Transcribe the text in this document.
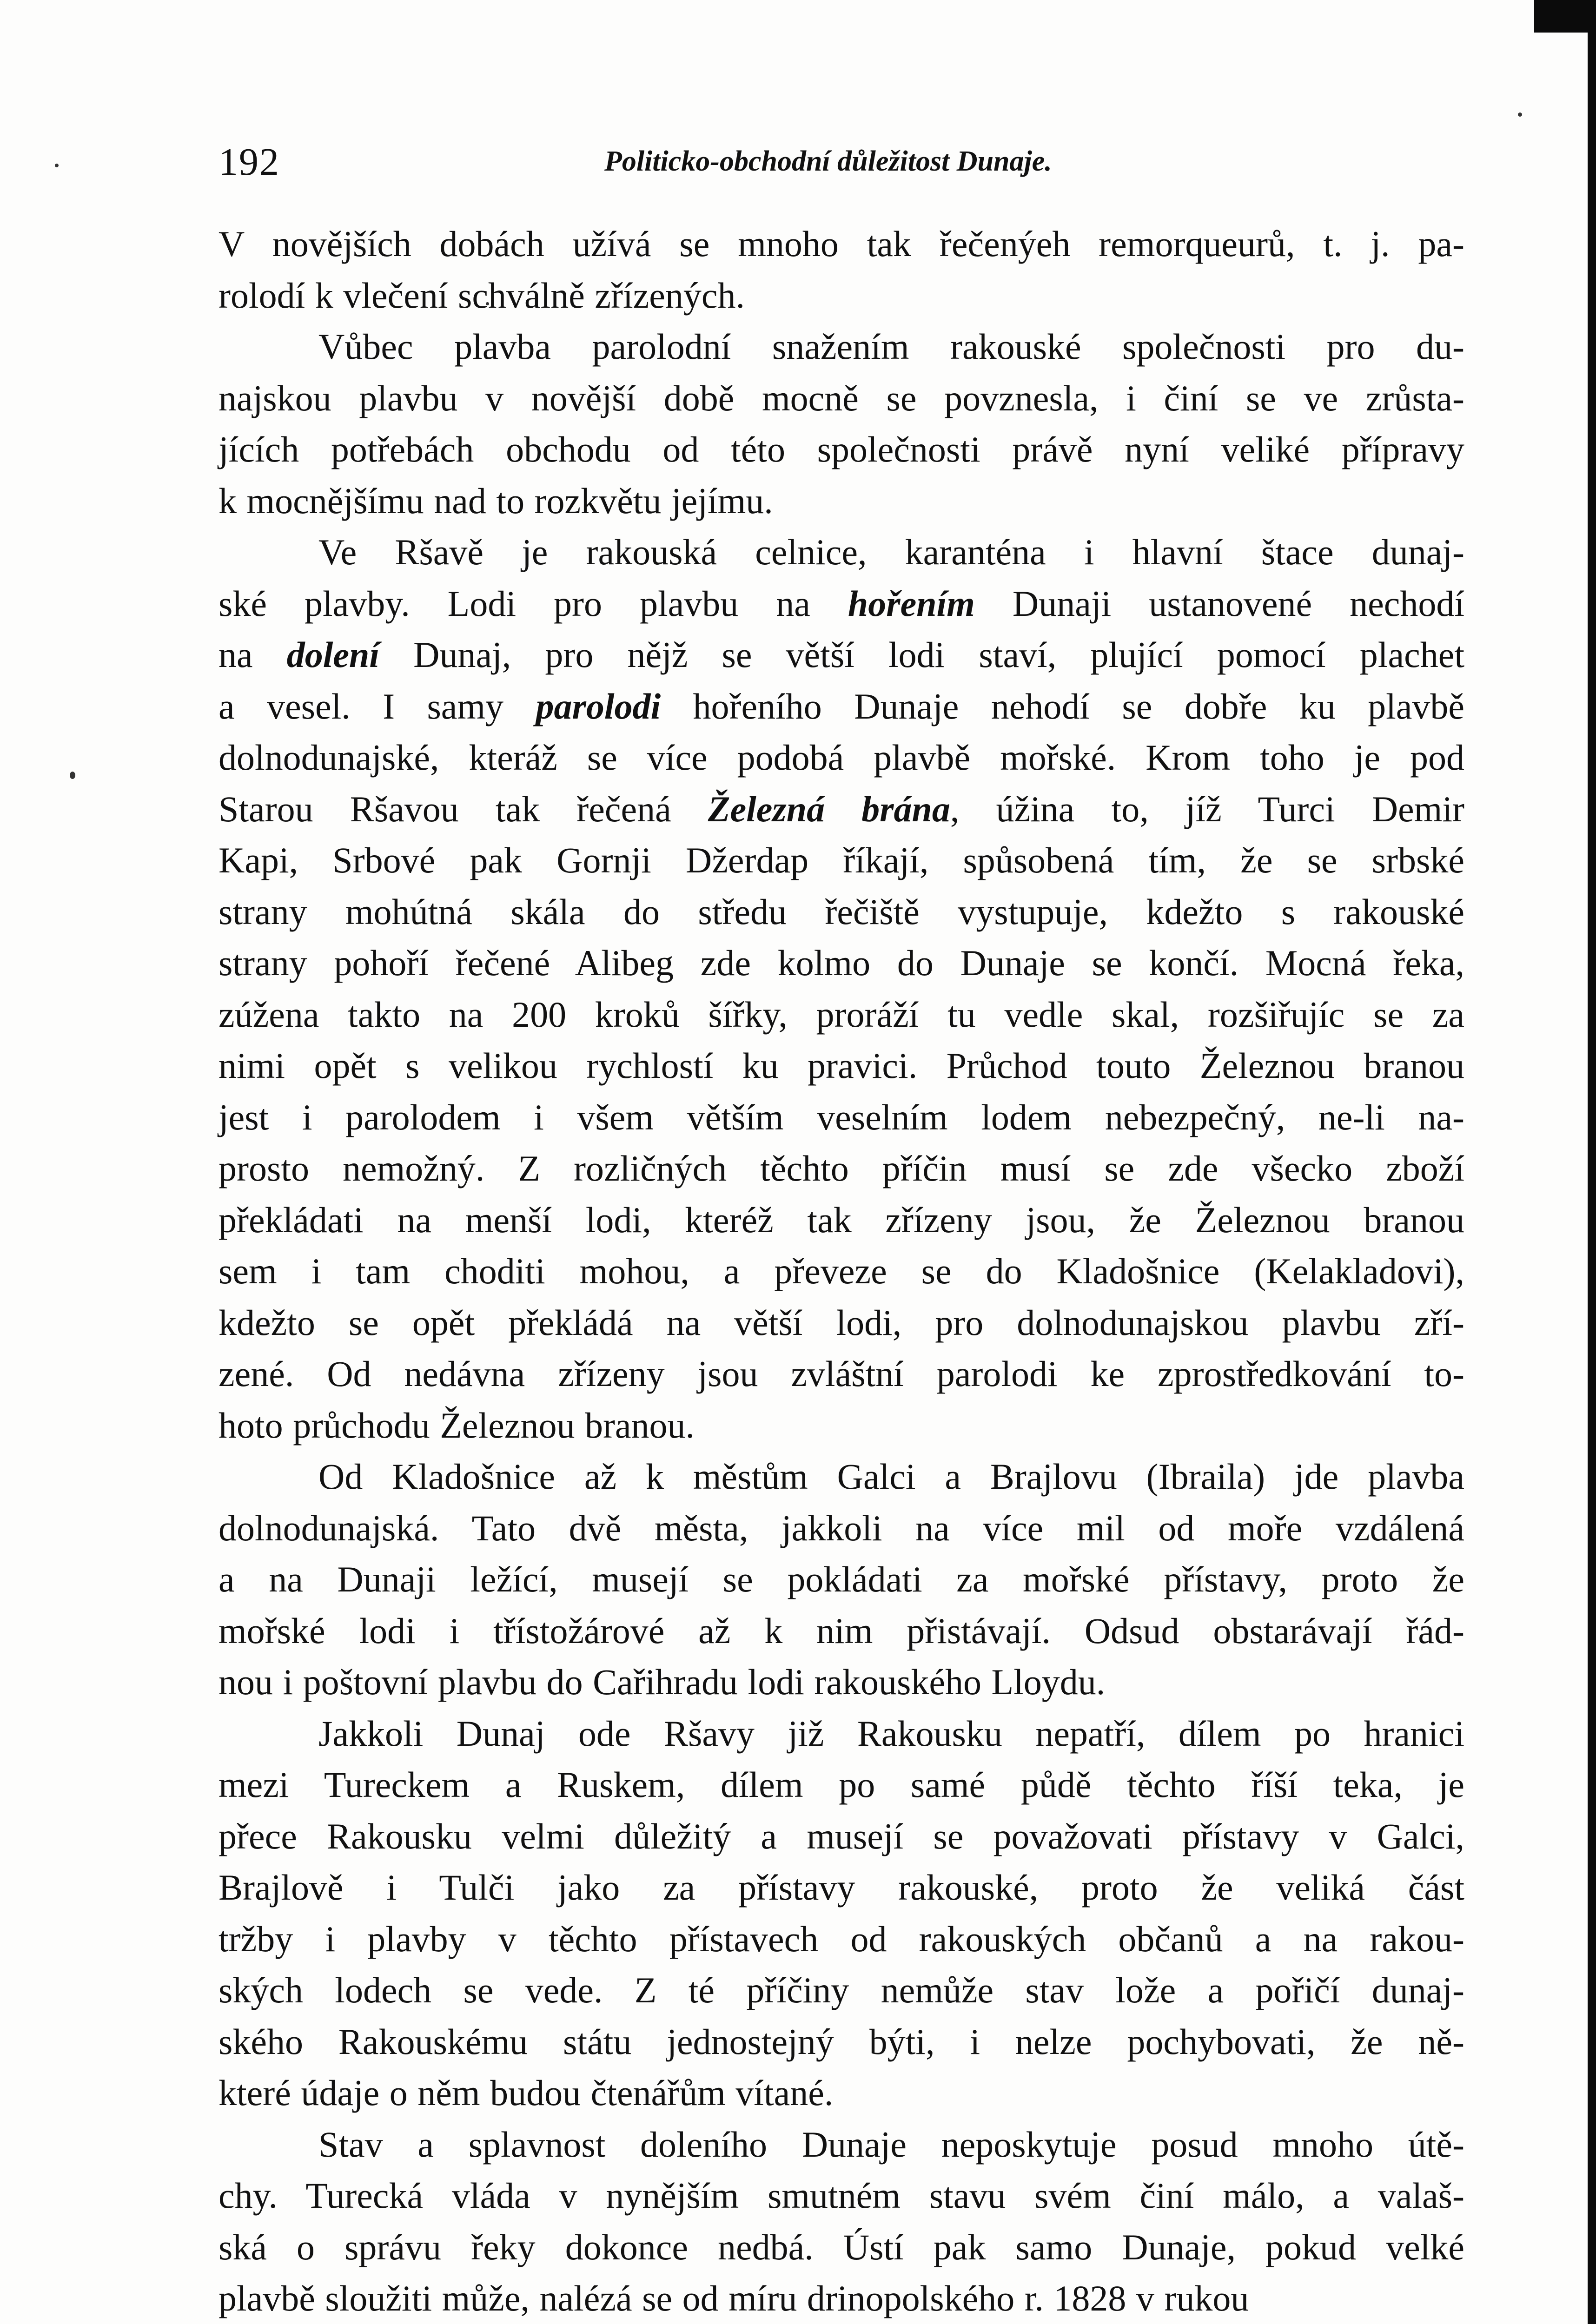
192	Politicko-obchodní důležitost Dunaje.
V novějších dobách užívá se mnoho tak řečenýeh remorqueurů, t. j. pa-
rolodí k vlečení schválně zřízených.
Vůbec plavba parolodní snažením rakouské společnosti pro du-
najskou plavbu v novější době mocně se povznesla, i činí se ve zrůsta-
jících potřebách obchodu od této společnosti právě nyní veliké přípravy
k mocnějšímu nad to rozkvětu jejímu.
Ve Ršavě je rakouská celnice, karanténa i hlavní štace dunaj-
ské plavby. Lodi pro plavbu na hořením Dunaji ustanovené nechodí
na dolení Dunaj, pro nějž se větší lodi staví, plující pomocí plachet
a vesel. I samy parolodi hořeního Dunaje nehodí se dobře ku plavbě
dolnodunajské, kteráž se více podobá plavbě mořské. Krom toho je pod
Starou Ršavou tak řečená Železná brána, úžina to, jíž Turci Demir
Kapi, Srbové pak Gornji Džerdap říkají, spůsobená tím, že se srbské
strany mohútná skála do středu řečiště vystupuje, kdežto s rakouské
strany pohoří řečené Alibeg zde kolmo do Dunaje se končí. Mocná řeka,
zúžena takto na 200 kroků šířky, proráží tu vedle skal, rozšiřujíc se za
nimi opět s velikou rychlostí ku pravici. Průchod touto Železnou branou
jest i parolodem i všem větším veselním lodem nebezpečný, ne-li na-
prosto nemožný. Z rozličných těchto příčin musí se zde všecko zboží
překládati na menší lodi, kteréž tak zřízeny jsou, že Železnou branou
sem i tam choditi mohou, a převeze se do Kladošnice (Kelakladovi),
kdežto se opět překládá na větší lodi, pro dolnodunajskou plavbu zří-
zené. Od nedávna zřízeny jsou zvláštní parolodi ke zprostředkování to-
hoto průchodu Železnou branou.
Od Kladošnice až k městům Galci a Brajlovu (Ibraila) jde plavba
dolnodunajská. Tato dvě města, jakkoli na více mil od moře vzdálená
a na Dunaji ležící, musejí se pokládati za mořské přístavy, proto že
mořské lodi i třístožárové až k nim přistávají. Odsud obstarávají řád-
nou i poštovní plavbu do Cařihradu lodi rakouského Lloydu.
Jakkoli Dunaj ode Ršavy již Rakousku nepatří, dílem po hranici
mezi Tureckem a Ruskem, dílem po samé půdě těchto říší teka, je
přece Rakousku velmi důležitý a musejí se považovati přístavy v Galci,
Brajlově i Tulči jako za přístavy rakouské, proto že veliká část
tržby i plavby v těchto přístavech od rakouských občanů a na rakou-
ských lodech se vede. Z té příčiny nemůže stav lože a pořičí dunaj-
ského Rakouskému státu jednostejný býti, i nelze pochybovati, že ně-
které údaje o něm budou čtenářům vítané.
Stav a splavnost doleního Dunaje neposkytuje posud mnoho útě-
chy. Turecká vláda v nynějším smutném stavu svém činí málo, a valaš-
ská o správu řeky dokonce nedbá. Ústí pak samo Dunaje, pokud velké
plavbě sloužiti může, nalézá se od míru drinopolského r. 1828 v rukou
